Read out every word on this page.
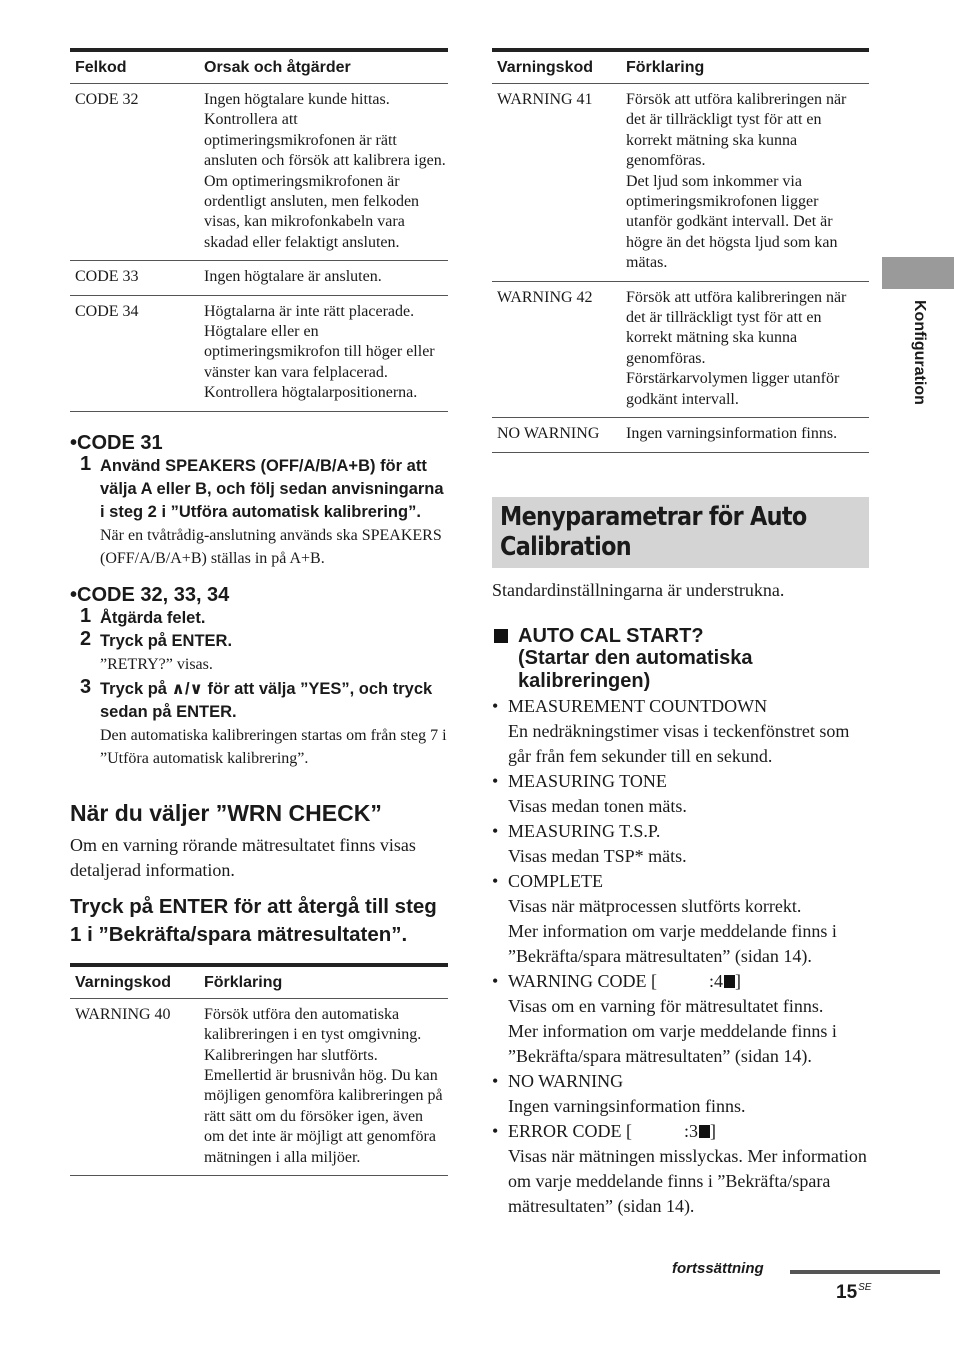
Felkod	Orsak och åtgärder
CODE 32	Ingen högtalare kunde hittas. Kontrollera att optimeringsmikrofonen är rätt ansluten och försök att kalibrera igen.
Om optimeringsmikrofonen är ordentligt ansluten, men felkoden visas, kan mikrofonkabeln vara skadad eller felaktigt ansluten.
CODE 33	Ingen högtalare är ansluten.
CODE 34	Högtalarna är inte rätt placerade. Högtalare eller en optimeringsmikrofon till höger eller vänster kan vara felplacerad. Kontrollera högtalarpositionerna.
•CODE 31
1 Använd SPEAKERS (OFF/A/B/A+B) för att välja A eller B, och följ sedan anvisningarna i steg 2 i ”Utföra automatisk kalibrering”.
När en tvåtrådig-anslutning används ska SPEAKERS (OFF/A/B/A+B) ställas in på A+B.
•CODE 32, 33, 34
1 Åtgärda felet.
2 Tryck på ENTER.
”RETRY?” visas.
3 Tryck på ∧/∨ för att välja ”YES”, och tryck sedan på ENTER.
Den automatiska kalibreringen startas om från steg 7 i ”Utföra automatisk kalibrering”.
När du väljer ”WRN CHECK”

Om en varning rörande mätresultatet finns visas detaljerad information.

Tryck på ENTER för att återgå till steg 1 i ”Bekräfta/spara mätresultaten”.
Varningskod	Förklaring
WARNING 40	Försök utföra den automatiska kalibreringen i en tyst omgivning. Kalibreringen har slutförts. Emellertid är brusnivån hög. Du kan möjligen genomföra kalibreringen på rätt sätt om du försöker igen, även om det inte är möjligt att genomföra mätningen i alla miljöer.
Varningskod	Förklaring
WARNING 41	Försök att utföra kalibreringen när det är tillräckligt tyst för att en korrekt mätning ska kunna genomföras.
Det ljud som inkommer via optimeringsmikrofonen ligger utanför godkänt intervall. Det är högre än det högsta ljud som kan mätas.
WARNING 42	Försök att utföra kalibreringen när det är tillräckligt tyst för att en korrekt mätning ska kunna genomföras.
Förstärkarvolymen ligger utanför godkänt intervall.
NO WARNING	Ingen varningsinformation finns.
Menyparametrar för Auto Calibration

Standardinställningarna är understrukna.

AUTO CAL START?
(Startar den automatiska kalibreringen)
• MEASUREMENT COUNTDOWN
En nedräkningstimer visas i teckenfönstret som går från fem sekunder till en sekund.
• MEASURING TONE
Visas medan tonen mäts.
• MEASURING T.S.P.
Visas medan TSP* mäts.
• COMPLETE
Visas när mätprocessen slutförts korrekt.
Mer information om varje meddelande finns i ”Bekräfta/spara mätresultaten” (sidan 14).
• WARNING CODE [	:4 ]
Visas om en varning för mätresultatet finns.
Mer information om varje meddelande finns i ”Bekräfta/spara mätresultaten” (sidan 14).
• NO WARNING
Ingen varningsinformation finns.
• ERROR CODE [	:3 ]
Visas när mätningen misslyckas. Mer information om varje meddelande finns i ”Bekräfta/spara mätresultaten” (sidan 14).
Konfiguration
fortssättning
$15^{SE}$
